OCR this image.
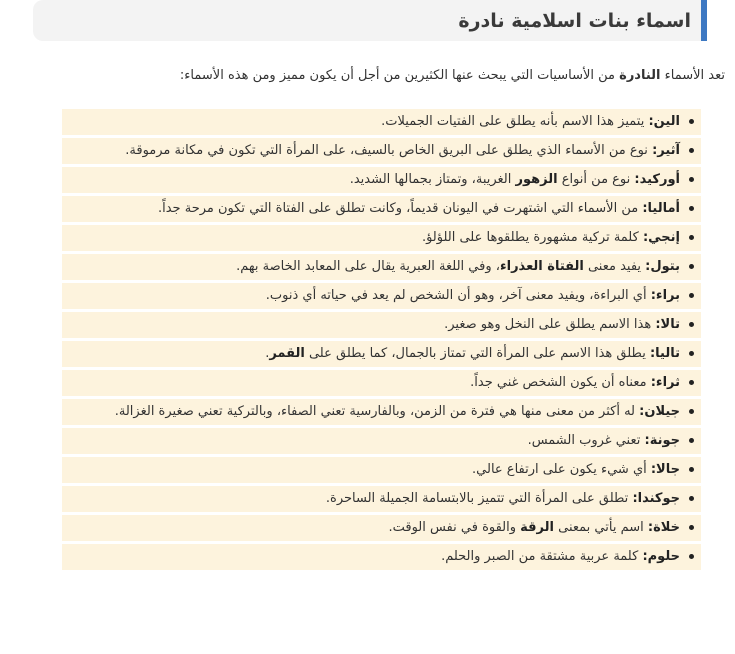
اسماء بنات اسلامية نادرة

تعد الأسماء النادرة من الأساسيات التي يبحث عنها الكثيرين من أجل أن يكون مميز ومن هذه الأسماء:

الين: يتميز هذا الاسم بأنه يطلق على الفتيات الجميلات.
آثير: نوع من الأسماء الذي يطلق على البريق الخاص بالسيف، على المرأة التي تكون في مكانة مرموقة.
أوركيد: نوع من أنواع الزهور الغريبة، وتمتاز بجمالها الشديد.
أماليا: من الأسماء التي اشتهرت في اليونان قديماً، وكانت تطلق على الفتاة التي تكون مرحة جداً.
إنجي: كلمة تركية مشهورة يطلقوها على اللؤلؤ.
بتول: يفيد معنى الفتاة العذراء، وفي اللغة العبرية يقال على المعابد الخاصة بهم.
براء: أي البراءة، ويفيد معنى آخر، وهو أن الشخص لم يعد في حياته أي ذنوب.
تالا: هذا الاسم يطلق على النخل وهو صغير.
تاليا: يطلق هذا الاسم على المرأة التي تمتاز بالجمال، كما يطلق على القمر.
ثراء: معناه أن يكون الشخص غني جداً.
جيلان: له أكثر من معنى منها هي فترة من الزمن، وبالفارسية تعني الصفاء، وبالتركية تعني صغيرة الغزالة.
جونة: تعني غروب الشمس.
جالا: أي شيء يكون على ارتفاع عالي.
جوكندا: تطلق على المرأة التي تتميز بالابتسامة الجميلة الساحرة.
خلاة: اسم يأتي بمعنى الرقة والقوة في نفس الوقت.
حلوم: كلمة عربية مشتقة من الصبر والحلم.
